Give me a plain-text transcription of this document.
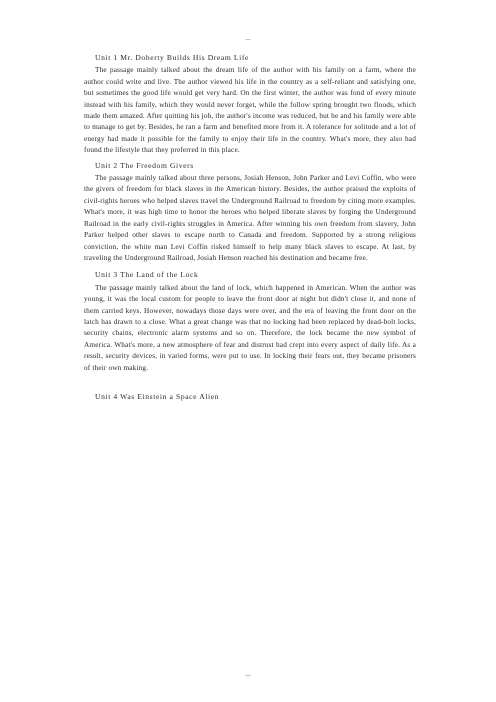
--
Unit 1 Mr. Doherty Builds His Dream Life

The passage mainly talked about the dream life of the author with his family on a farm, where the author could write and live. The author viewed his life in the country as a self-reliant and satisfying one, but sometimes the good life would get very hard. On the first winter, the author was fond of every minute instead with his family, which they would never forget, while the follow spring brought two floods, which made them amazed. After quitting his job, the author's income was reduced, but he and his family were able to manage to get by. Besides, he ran a farm and benefited more from it. A tolerance for solitude and a lot of energy had made it possible for the family to enjoy their life in the country. What's more, they also had found the lifestyle that they preferred in this place.

Unit 2 The Freedom Givers

The passage mainly talked about three persons, Josiah Henson, John Parker and Levi Coffin, who were the givers of freedom for black slaves in the American history. Besides, the author praised the exploits of civil-rights heroes who helped slaves travel the Underground Railroad to freedom by citing more examples. What's more, it was high time to honor the heroes who helped liberate slaves by forging the Underground Railroad in the early civil-rights struggles in America. After winning his own freedom from slavery, John Parker helped other slaves to escape north to Canada and freedom. Supported by a strong religious conviction, the white man Levi Coffin risked himself to help many black slaves to escape. At last, by traveling the Underground Railroad, Josiah Henson reached his destination and became free.

Unit 3 The Land of the Lock

The passage mainly talked about the land of lock, which happened in American. When the author was young, it was the local custom for people to leave the front door at night but didn't close it, and none of them carried keys. However, nowadays those days were over, and the era of leaving the front door on the latch has drawn to a close. What a great change was that no locking had been replaced by dead-bolt locks, security chains, electronic alarm systems and so on. Therefore, the lock became the new symbol of America. What's more, a new atmosphere of fear and distrust had crept into every aspect of daily life. As a result, security devices, in varied forms, were put to use. In locking their fears out, they became prisoners of their own making.

Unit 4 Was Einstein a Space Alien
--
